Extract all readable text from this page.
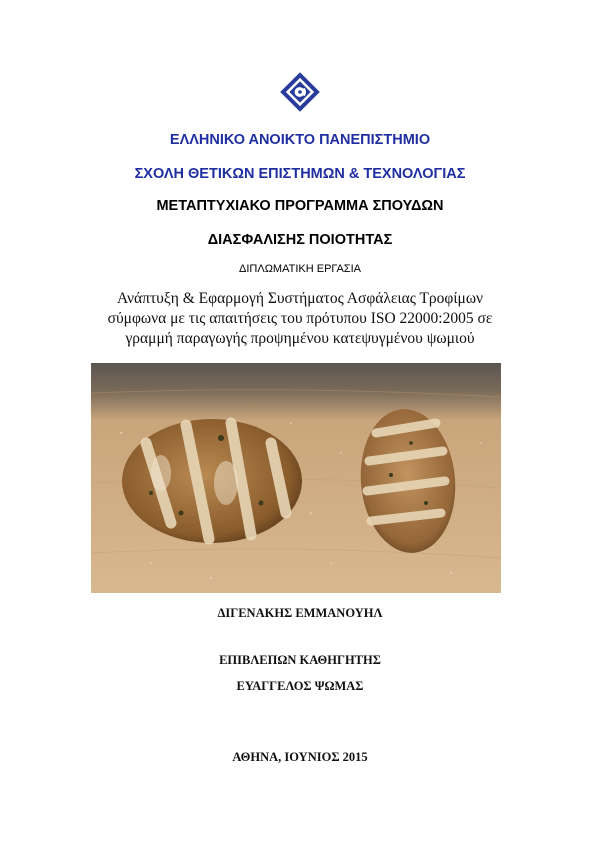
ΕΛΛΗΝΙΚΟ ΑΝΟΙΚΤΟ ΠΑΝΕΠΙΣΤΗΜΙΟ
ΣΧΟΛΗ ΘΕΤΙΚΩΝ ΕΠΙΣΤΗΜΩΝ & ΤΕΧΝΟΛΟΓΙΑΣ
ΜΕΤΑΠΤΥΧΙΑΚΟ ΠΡΟΓΡΑΜΜΑ ΣΠΟΥΔΩΝ
ΔΙΑΣΦΑΛΙΣΗΣ ΠΟΙΟΤΗΤΑΣ
ΔΙΠΛΩΜΑΤΙΚΗ ΕΡΓΑΣΙΑ
Ανάπτυξη & Εφαρμογή Συστήματος Ασφάλειας Τροφίμων
σύμφωνα με τις απαιτήσεις του πρότυπου ISO 22000:2005 σε
γραμμή παραγωγής προψημένου κατεψυγμένου ψωμιού
ΔΙΓΕΝΑΚΗΣ ΕΜΜΑΝΟΥΗΛ
ΕΠΙΒΛΕΠΩΝ ΚΑΘΗΓΗΤΗΣ
ΕΥΑΓΓΕΛΟΣ ΨΩΜΑΣ
ΑΘΗΝΑ, ΙΟΥΝΙΟΣ 2015
